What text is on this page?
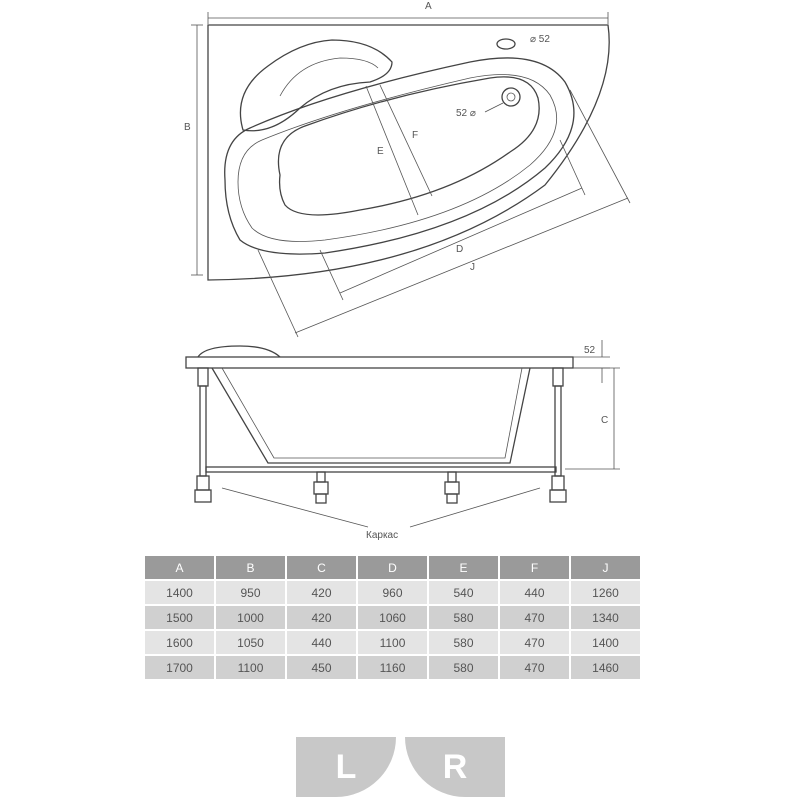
A
B
⌀ 52
52 ⌀
E
F
D
J
Каркас
52
C
A	B	C	D	E	F	J
1400	950	420	960	540	440	1260
1500	1000	420	1060	580	470	1340
1600	1050	440	1100	580	470	1400
1700	1100	450	1160	580	470	1460
L	R
